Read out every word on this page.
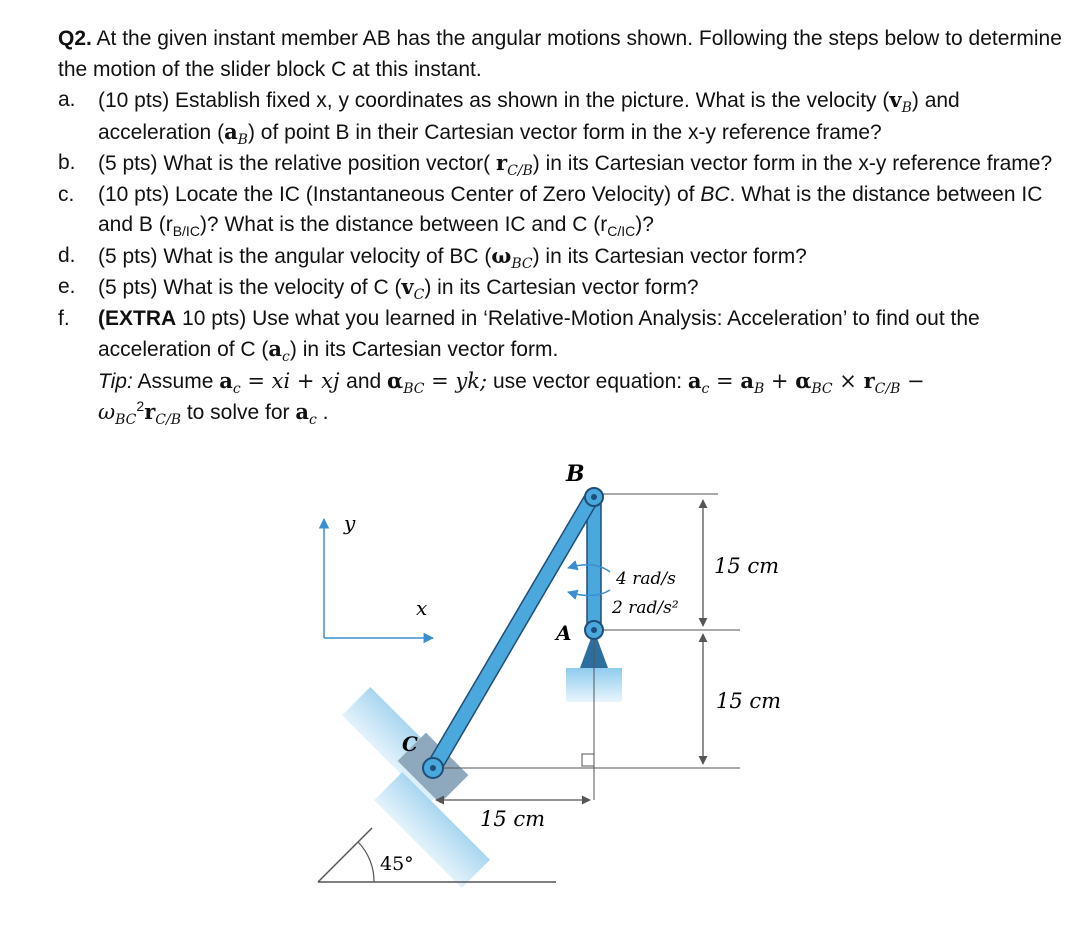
Q2. At the given instant member AB has the angular motions shown. Following the steps below to determine the motion of the slider block C at this instant.

a. (10 pts) Establish fixed x, y coordinates as shown in the picture. What is the velocity $(v_B)$ and acceleration $(a_B)$ of point B in their Cartesian vector form in the x-y reference frame?
b. (5 pts) What is the relative position vector( $r_{C/B}$) in its Cartesian vector form in the x-y reference frame?
c. (10 pts) Locate the IC (Instantaneous Center of Zero Velocity) of BC. What is the distance between IC and B $(r_{B/IC})$? What is the distance between IC and C $(r_{C/IC})$?
d. (5 pts) What is the angular velocity of BC $(\omega_{BC})$ in its Cartesian vector form?
e. (5 pts) What is the velocity of C $(v_C)$ in its Cartesian vector form?
f. (EXTRA 10 pts) Use what you learned in ‘Relative-Motion Analysis: Acceleration’ to find out the acceleration of C $(a_c)$ in its Cartesian vector form.
Tip: Assume $a_c$ = xi + xj and $\alpha_{BC}$ = yk; use vector equation: $a_c = a_B + \alpha_{BC} \times r_{C/B}$ −
$\omega_{BC}^2r_{C/B}$ to solve for $a_c$ .
y
x
45°
15 cm
15 cm
15 cm
4 rad/s
2 rad/s²
B
A
C
